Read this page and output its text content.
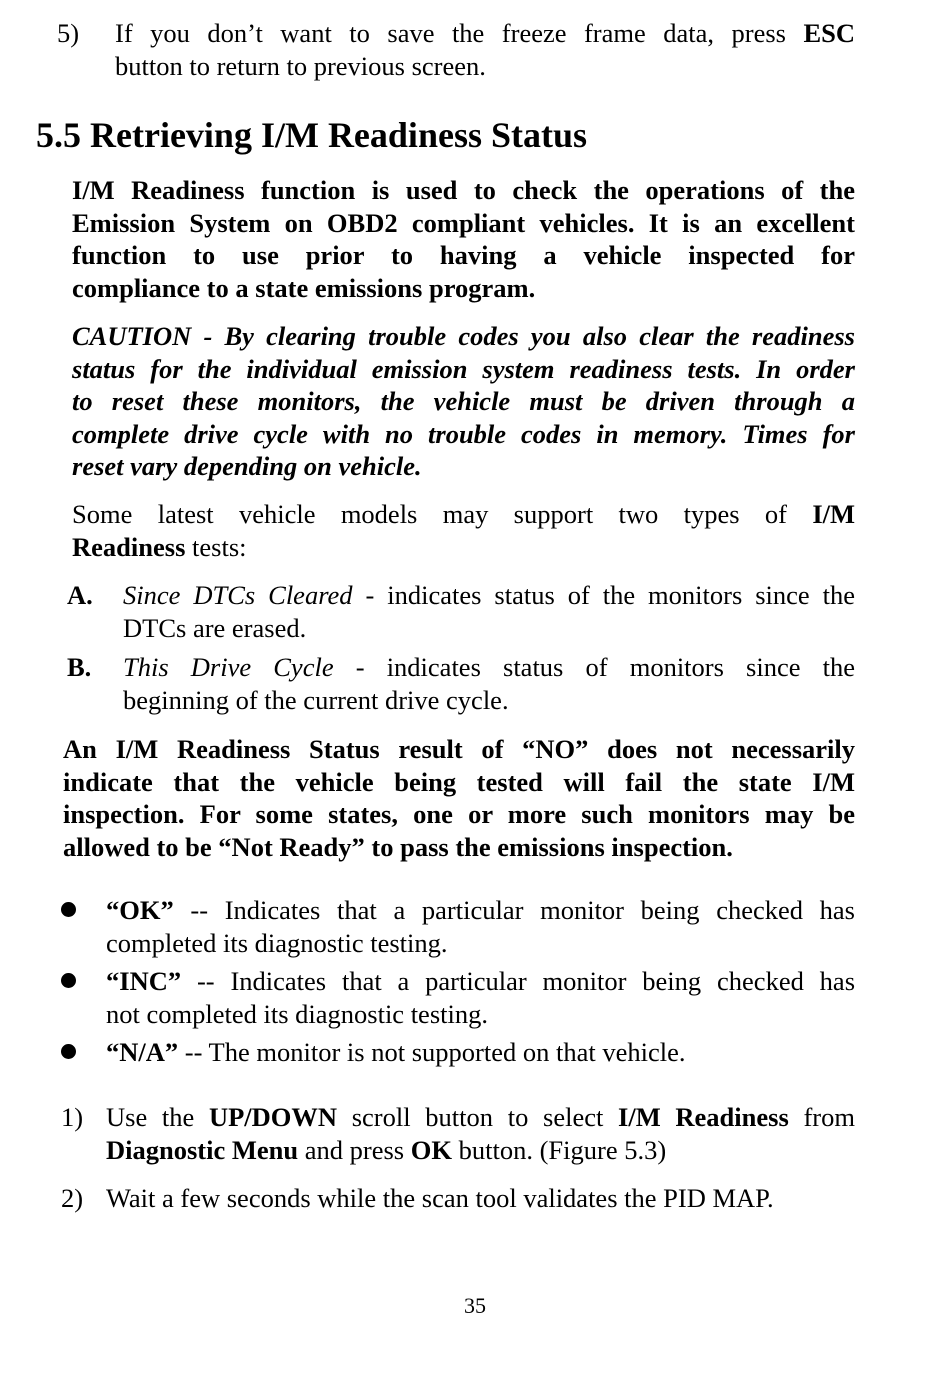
5) If you don’t want to save the freeze frame data, press ESC
button to return to previous screen.
5.5 Retrieving I/M Readiness Status
I/M Readiness function is used to check the operations of the
Emission System on OBD2 compliant vehicles. It is an excellent
function to use prior to having a vehicle inspected for
compliance to a state emissions program.
CAUTION - By clearing trouble codes you also clear the readiness
status for the individual emission system readiness tests. In order
to reset these monitors, the vehicle must be driven through a
complete drive cycle with no trouble codes in memory. Times for
reset vary depending on vehicle.
Some latest vehicle models may support two types of I/M
Readiness tests:
A. Since DTCs Cleared - indicates status of the monitors since the
DTCs are erased.
B. This Drive Cycle - indicates status of monitors since the
beginning of the current drive cycle.
An I/M Readiness Status result of “NO” does not necessarily
indicate that the vehicle being tested will fail the state I/M
inspection. For some states, one or more such monitors may be
allowed to be “Not Ready” to pass the emissions inspection.
“OK” -- Indicates that a particular monitor being checked has
completed its diagnostic testing.
“INC” -- Indicates that a particular monitor being checked has
not completed its diagnostic testing.
“N/A” -- The monitor is not supported on that vehicle.
1) Use the UP/DOWN scroll button to select I/M Readiness from
Diagnostic Menu and press OK button. (Figure 5.3)
2) Wait a few seconds while the scan tool validates the PID MAP.
35
